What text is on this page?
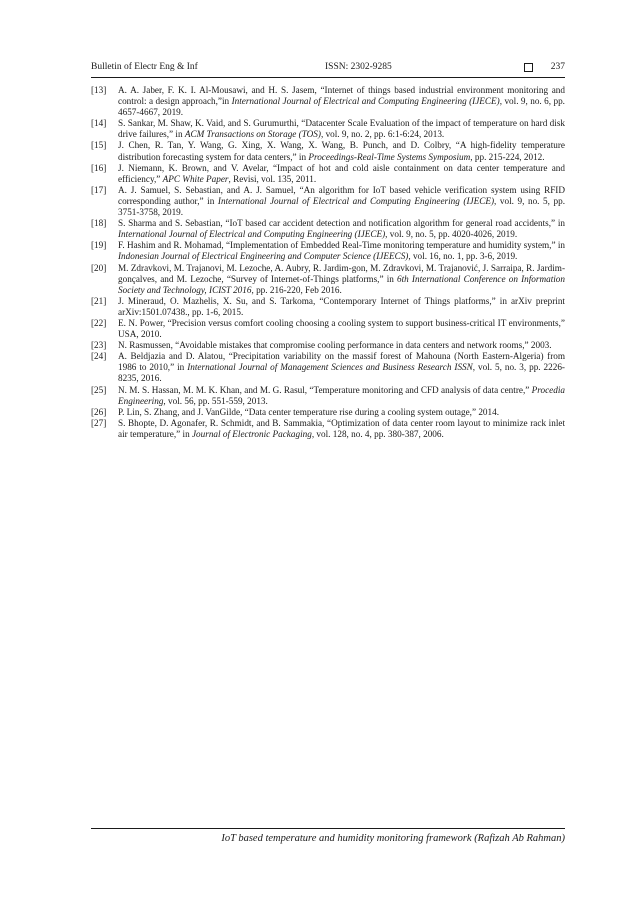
Bulletin of Electr Eng & Inf	ISSN: 2302-9285	237
[13] A. A. Jaber, F. K. I. Al-Mousawi, and H. S. Jasem, “Internet of things based industrial environment monitoring and control: a design approach,”in International Journal of Electrical and Computing Engineering (IJECE), vol. 9, no. 6, pp. 4657-4667, 2019.
[14] S. Sankar, M. Shaw, K. Vaid, and S. Gurumurthi, “Datacenter Scale Evaluation of the impact of temperature on hard disk drive failures,” in ACM Transactions on Storage (TOS), vol. 9, no. 2, pp. 6:1-6:24, 2013.
[15] J. Chen, R. Tan, Y. Wang, G. Xing, X. Wang, X. Wang, B. Punch, and D. Colbry, “A high-fidelity temperature distribution forecasting system for data centers,” in Proceedings-Real-Time Systems Symposium, pp. 215-224, 2012.
[16] J. Niemann, K. Brown, and V. Avelar, “Impact of hot and cold aisle containment on data center temperature and efficiency,” APC White Paper, Revisi, vol. 135, 2011.
[17] A. J. Samuel, S. Sebastian, and A. J. Samuel, “An algorithm for IoT based vehicle verification system using RFID corresponding author,” in International Journal of Electrical and Computing Engineering (IJECE), vol. 9, no. 5, pp. 3751-3758, 2019.
[18] S. Sharma and S. Sebastian, “IoT based car accident detection and notification algorithm for general road accidents,” in International Journal of Electrical and Computing Engineering (IJECE), vol. 9, no. 5, pp. 4020-4026, 2019.
[19] F. Hashim and R. Mohamad, “Implementation of Embedded Real-Time monitoring temperature and humidity system,” in Indonesian Journal of Electrical Engineering and Computer Science (IJEECS), vol. 16, no. 1, pp. 3-6, 2019.
[20] M. Zdravkovi, M. Trajanovi, M. Lezoche, A. Aubry, R. Jardim-gon, M. Zdravkovi, M. Trajanović, J. Sarraipa, R. Jardim-gonçalves, and M. Lezoche, “Survey of Internet-of-Things platforms,” in 6th International Conference on Information Society and Technology, ICIST 2016, pp. 216-220, Feb 2016.
[21] J. Mineraud, O. Mazhelis, X. Su, and S. Tarkoma, “Contemporary Internet of Things platforms,” in arXiv preprint arXiv:1501.07438., pp. 1-6, 2015.
[22] E. N. Power, “Precision versus comfort cooling choosing a cooling system to support business-critical IT environments,” USA, 2010.
[23] N. Rasmussen, “Avoidable mistakes that compromise cooling performance in data centers and network rooms,” 2003.
[24] A. Beldjazia and D. Alatou, “Precipitation variability on the massif forest of Mahouna (North Eastern-Algeria) from 1986 to 2010,” in International Journal of Management Sciences and Business Research ISSN, vol. 5, no. 3, pp. 2226-8235, 2016.
[25] N. M. S. Hassan, M. M. K. Khan, and M. G. Rasul, “Temperature monitoring and CFD analysis of data centre,” Procedia Engineering, vol. 56, pp. 551-559, 2013.
[26] P. Lin, S. Zhang, and J. VanGilde, “Data center temperature rise during a cooling system outage,” 2014.
[27] S. Bhopte, D. Agonafer, R. Schmidt, and B. Sammakia, “Optimization of data center room layout to minimize rack inlet air temperature,” in Journal of Electronic Packaging, vol. 128, no. 4, pp. 380-387, 2006.
IoT based temperature and humidity monitoring framework (Rafizah Ab Rahman)
